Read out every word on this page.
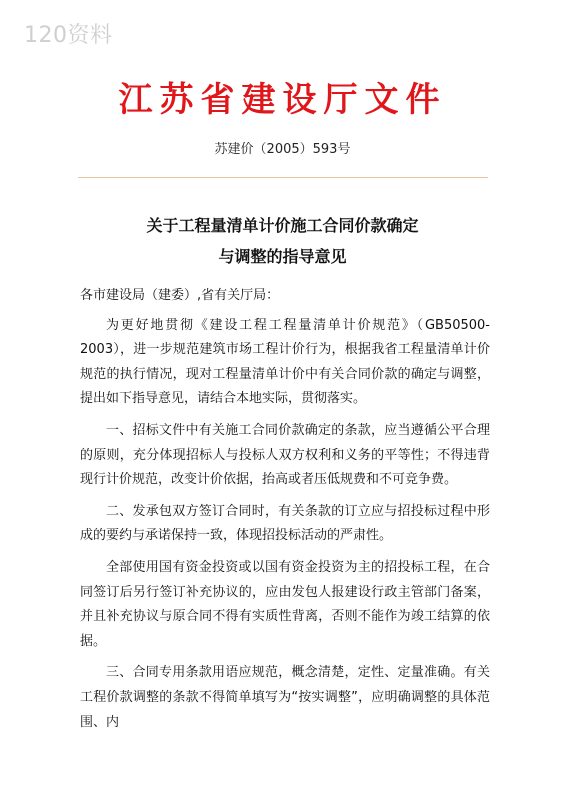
120资料
江苏省建设厅文件
苏建价（2005）593号
关于工程量清单计价施工合同价款确定
与调整的指导意见

各市建设局（建委）,省有关厅局：

为更好地贯彻《建设工程工程量清单计价规范》（GB50500-2003），进一步规范建筑市场工程计价行为，根据我省工程量清单计价规范的执行情况，现对工程量清单计价中有关合同价款的确定与调整，提出如下指导意见，请结合本地实际，贯彻落实。

一、招标文件中有关施工合同价款确定的条款，应当遵循公平合理的原则，充分体现招标人与投标人双方权利和义务的平等性；不得违背现行计价规范，改变计价依据，抬高或者压低规费和不可竞争费。

二、发承包双方签订合同时，有关条款的订立应与招投标过程中形成的要约与承诺保持一致，体现招投标活动的严肃性。

全部使用国有资金投资或以国有资金投资为主的招投标工程，在合同签订后另行签订补充协议的，应由发包人报建设行政主管部门备案，并且补充协议与原合同不得有实质性背离，否则不能作为竣工结算的依据。

三、合同专用条款用语应规范，概念清楚，定性、定量准确。有关工程价款调整的条款不得简单填写为“按实调整”，应明确调整的具体范围、内
